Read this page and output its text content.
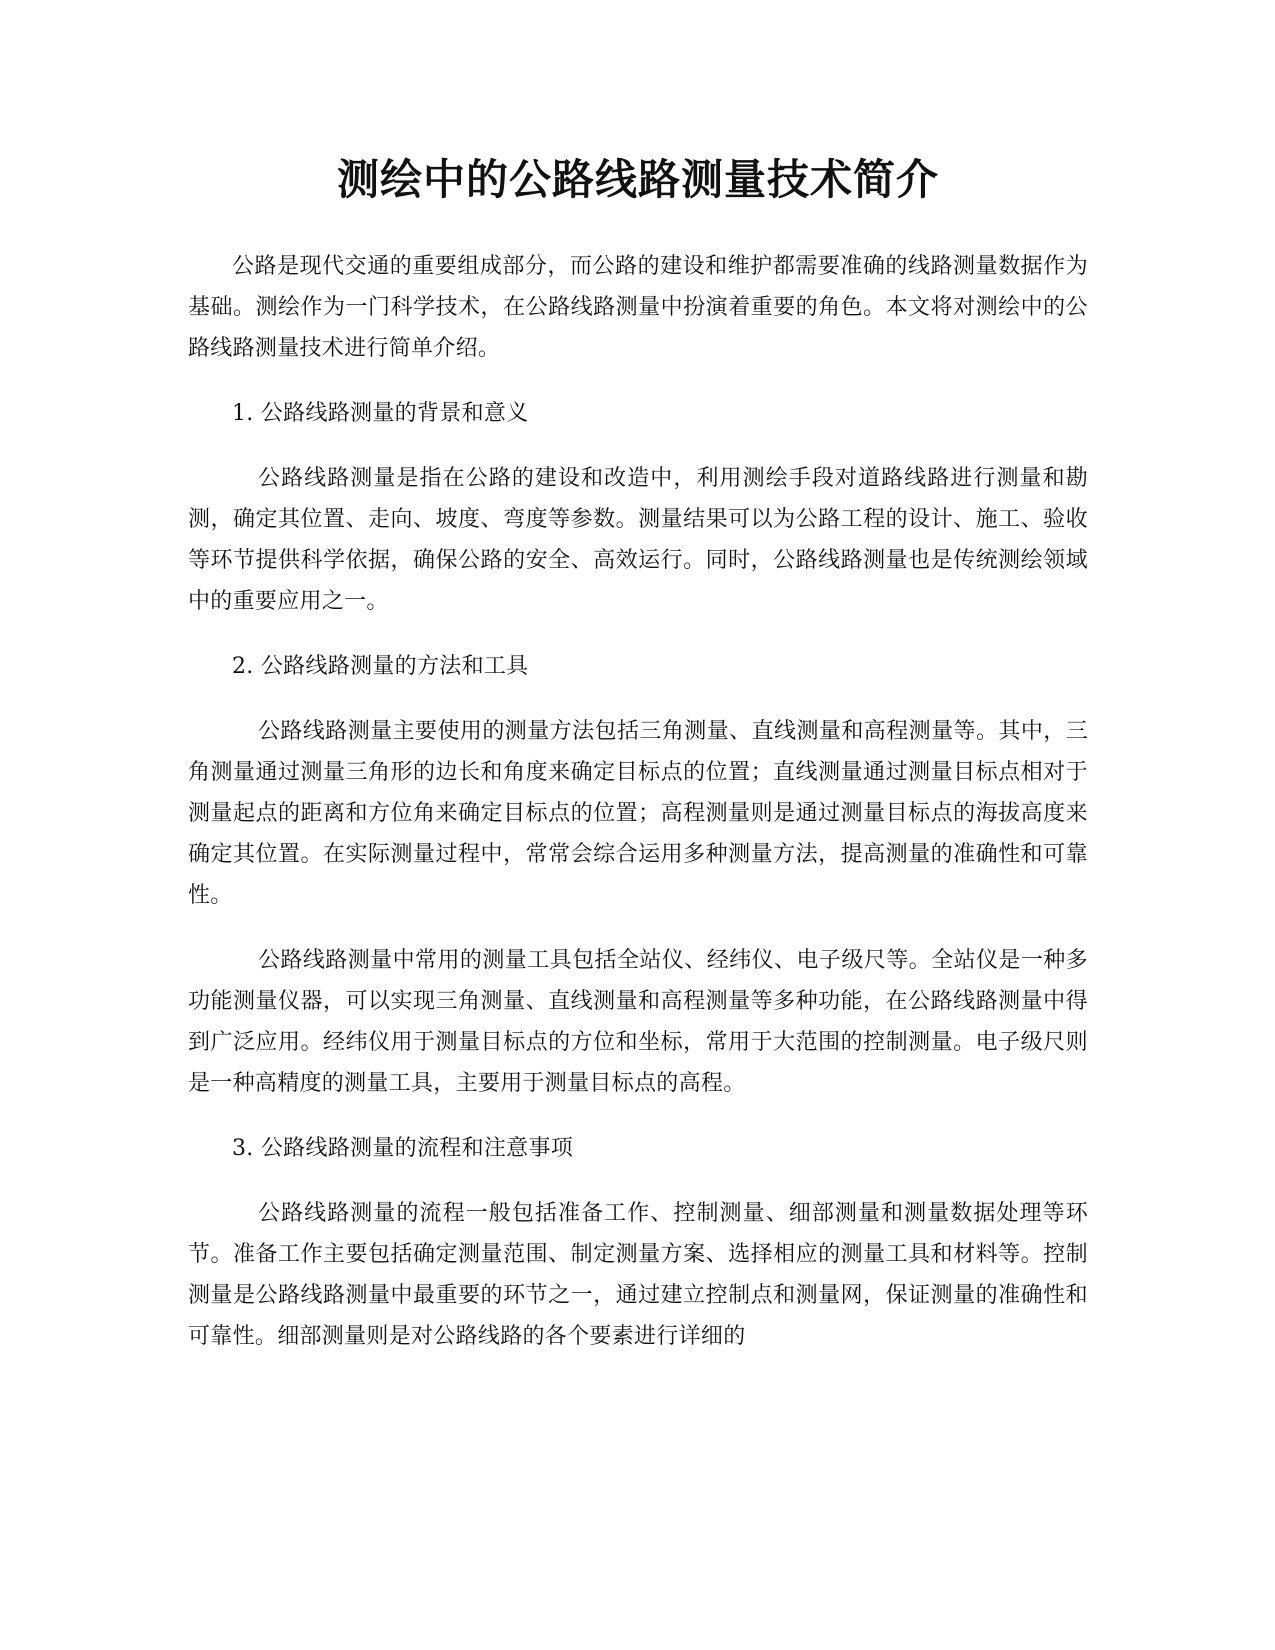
测绘中的公路线路测量技术简介

公路是现代交通的重要组成部分，而公路的建设和维护都需要准确的线路测量数据作为基础。测绘作为一门科学技术，在公路线路测量中扮演着重要的角色。本文将对测绘中的公路线路测量技术进行简单介绍。

1. 公路线路测量的背景和意义

公路线路测量是指在公路的建设和改造中，利用测绘手段对道路线路进行测量和勘测，确定其位置、走向、坡度、弯度等参数。测量结果可以为公路工程的设计、施工、验收等环节提供科学依据，确保公路的安全、高效运行。同时，公路线路测量也是传统测绘领域中的重要应用之一。

2. 公路线路测量的方法和工具

公路线路测量主要使用的测量方法包括三角测量、直线测量和高程测量等。其中，三角测量通过测量三角形的边长和角度来确定目标点的位置；直线测量通过测量目标点相对于测量起点的距离和方位角来确定目标点的位置；高程测量则是通过测量目标点的海拔高度来确定其位置。在实际测量过程中，常常会综合运用多种测量方法，提高测量的准确性和可靠性。

公路线路测量中常用的测量工具包括全站仪、经纬仪、电子级尺等。全站仪是一种多功能测量仪器，可以实现三角测量、直线测量和高程测量等多种功能，在公路线路测量中得到广泛应用。经纬仪用于测量目标点的方位和坐标，常用于大范围的控制测量。电子级尺则是一种高精度的测量工具，主要用于测量目标点的高程。

3. 公路线路测量的流程和注意事项

公路线路测量的流程一般包括准备工作、控制测量、细部测量和测量数据处理等环节。准备工作主要包括确定测量范围、制定测量方案、选择相应的测量工具和材料等。控制测量是公路线路测量中最重要的环节之一，通过建立控制点和测量网，保证测量的准确性和可靠性。细部测量则是对公路线路的各个要素进行详细的
